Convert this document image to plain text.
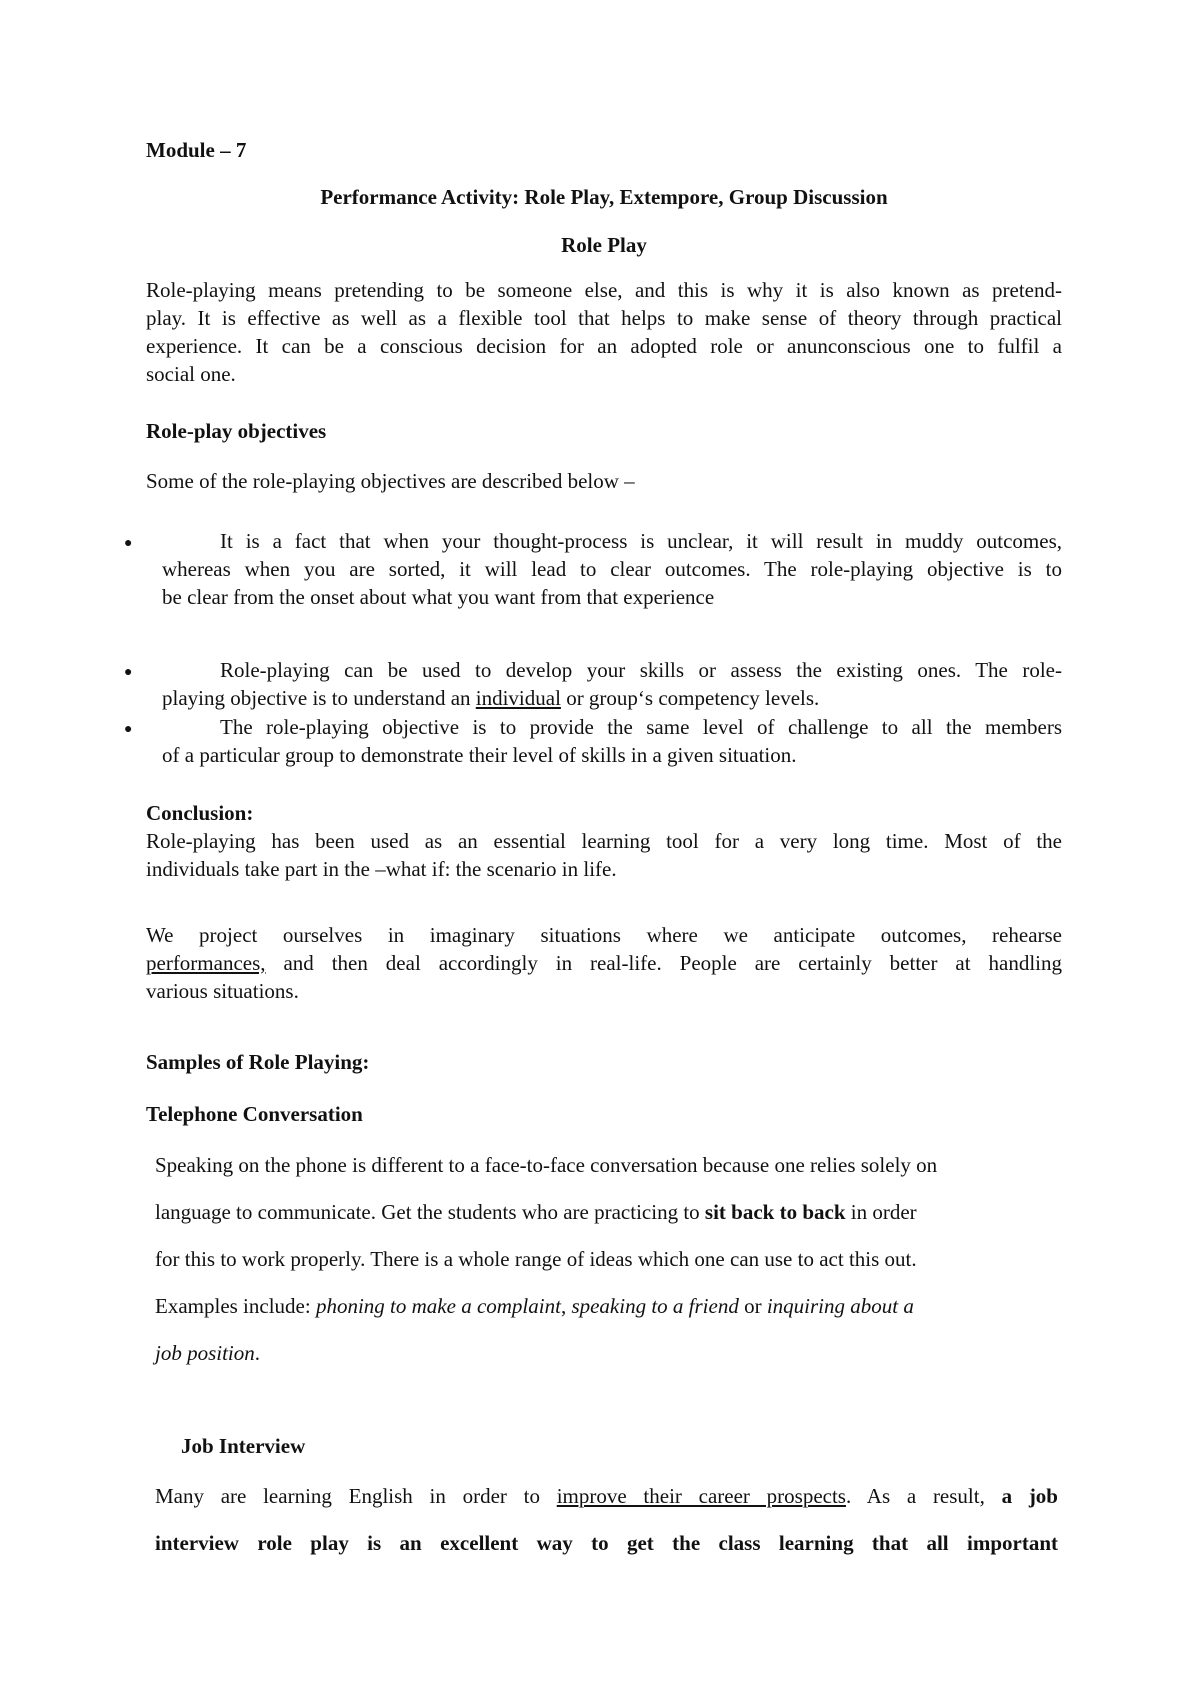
Module – 7

Performance Activity: Role Play, Extempore, Group Discussion

Role Play

Role-playing means pretending to be someone else, and this is why it is also known as pretend-
play. It is effective as well as a flexible tool that helps to make sense of theory through practical
experience. It can be a conscious decision for an adopted role or anunconscious one to fulfil a
social one.

Role-play objectives

Some of the role-playing objectives are described below –

●	It is a fact that when your thought-process is unclear, it will result in muddy outcomes,
whereas when you are sorted, it will lead to clear outcomes. The role-playing objective is to
be clear from the onset about what you want from that experience

●	Role-playing can be used to develop your skills or assess the existing ones. The role-
playing objective is to understand an individual or group‘s competency levels.

●	The role-playing objective is to provide the same level of challenge to all the members
of a particular group to demonstrate their level of skills in a given situation.

Conclusion:

Role-playing has been used as an essential learning tool for a very long time. Most of the
individuals take part in the –what if: the scenario in life.

We project ourselves in imaginary situations where we anticipate outcomes, rehearse
performances, and then deal accordingly in real-life. People are certainly better at handling
various situations.

Samples of Role Playing:

Telephone Conversation

Speaking on the phone is different to a face-to-face conversation because one relies solely on
language to communicate. Get the students who are practicing to sit back to back in order
for this to work properly. There is a whole range of ideas which one can use to act this out.
Examples include: phoning to make a complaint, speaking to a friend or inquiring about a
job position.

Job Interview

Many are learning English in order to improve their career prospects. As a result, a job
interview role play is an excellent way to get the class learning that all important
